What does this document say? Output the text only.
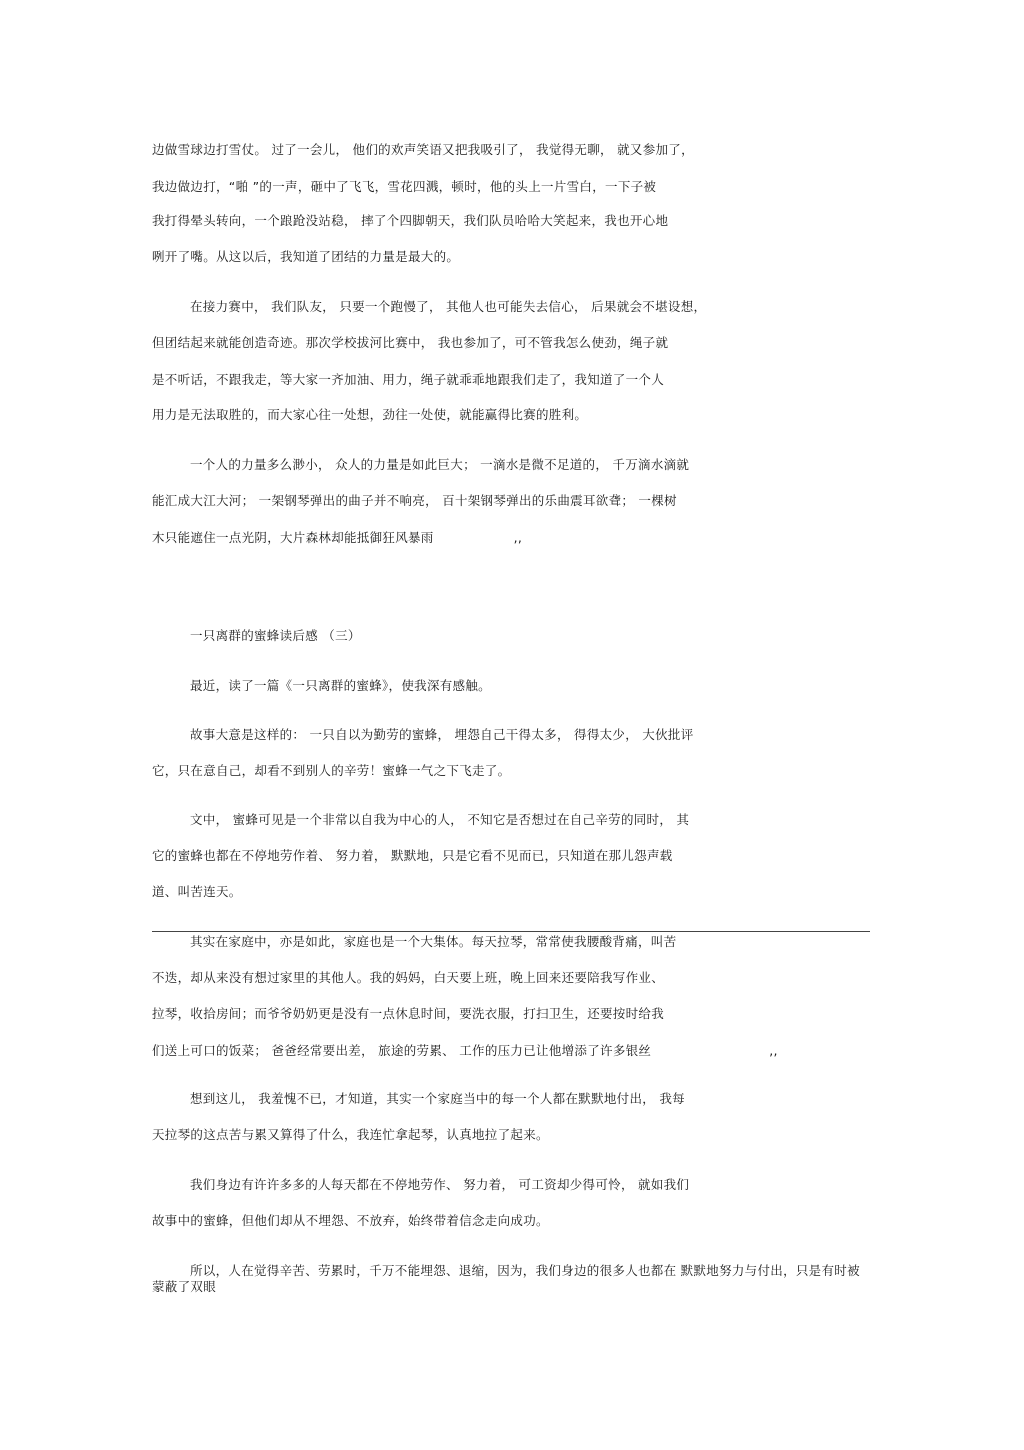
边做雪球边打雪仗。 过了一会儿， 他们的欢声笑语又把我吸引了， 我觉得无聊， 就又参加了，
我边做边打，“啪 ”的一声，砸中了飞飞，雪花四溅，顿时，他的头上一片雪白，一下子被
我打得晕头转向，一个踉跄没站稳， 摔了个四脚朝天，我们队员哈哈大笑起来，我也开心地
咧开了嘴。从这以后，我知道了团结的力量是最大的。
在接力赛中， 我们队友， 只要一个跑慢了， 其他人也可能失去信心， 后果就会不堪设想，
但团结起来就能创造奇迹。那次学校拔河比赛中， 我也参加了，可不管我怎么使劲，绳子就
是不听话，不跟我走，等大家一齐加油、用力，绳子就乖乖地跟我们走了，我知道了一个人
用力是无法取胜的，而大家心往一处想，劲往一处使，就能赢得比赛的胜利。
一个人的力量多么渺小， 众人的力量是如此巨大； 一滴水是微不足道的， 千万滴水滴就
能汇成大江大河； 一架钢琴弹出的曲子并不响亮， 百十架钢琴弹出的乐曲震耳欲聋； 一棵树
木只能遮住一点光阴，大片森林却能抵御狂风暴雨	,,
一只离群的蜜蜂读后感 （三）
最近，读了一篇《一只离群的蜜蜂》，使我深有感触。
故事大意是这样的： 一只自以为勤劳的蜜蜂， 埋怨自己干得太多， 得得太少， 大伙批评
它，只在意自己，却看不到别人的辛劳！蜜蜂一气之下飞走了。
文中， 蜜蜂可见是一个非常以自我为中心的人， 不知它是否想过在自己辛劳的同时， 其
它的蜜蜂也都在不停地劳作着、 努力着， 默默地，只是它看不见而已，只知道在那儿怨声载
道、叫苦连天。
其实在家庭中，亦是如此，家庭也是一个大集体。每天拉琴，常常使我腰酸背痛，叫苦
不迭，却从来没有想过家里的其他人。我的妈妈，白天要上班，晚上回来还要陪我写作业、
拉琴，收拾房间；而爷爷奶奶更是没有一点休息时间，要洗衣服，打扫卫生，还要按时给我
们送上可口的饭菜； 爸爸经常要出差， 旅途的劳累、 工作的压力已让他增添了许多银丝	,,
想到这儿， 我羞愧不已，才知道，其实一个家庭当中的每一个人都在默默地付出， 我每
天拉琴的这点苦与累又算得了什么，我连忙拿起琴，认真地拉了起来。
我们身边有许许多多的人每天都在不停地劳作、 努力着， 可工资却少得可怜， 就如我们
故事中的蜜蜂，但他们却从不埋怨、不放弃，始终带着信念走向成功。
所以，人在觉得辛苦、劳累时，千万不能埋怨、退缩，因为，我们身边的很多人也都在 默默地努力与付出，只是有时被蒙蔽了双眼
